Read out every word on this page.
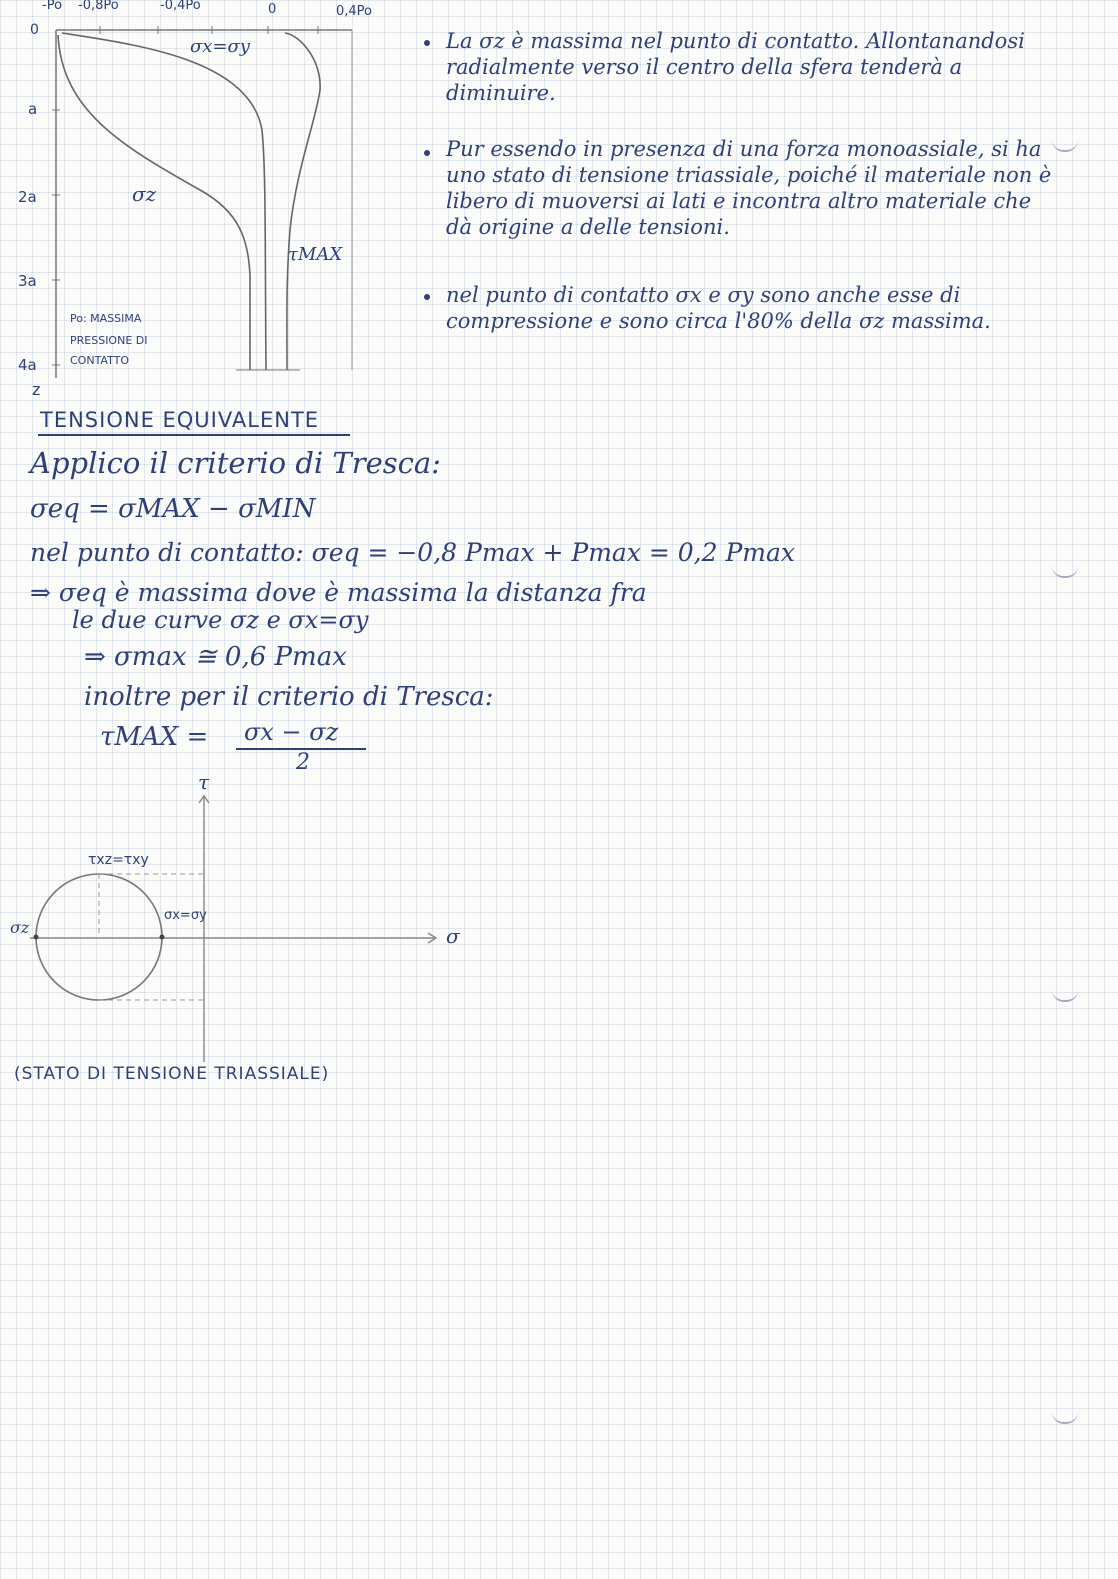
-Po -0,8Po	-0,4Po	0	0,4Po
0
a
2a
3a
4a
z
σx=σy
σz
τMAX
Po: MASSIMA
PRESSIONE DI
CONTATTO
La σz è massima nel punto di contatto. Allontanandosi radialmente verso il centro della sfera tenderà a diminuire.
Pur essendo in presenza di una forza monoassiale, si ha uno stato di tensione triassiale, poiché il materiale non è libero di muoversi ai lati e incontra altro materiale che dà origine a delle tensioni.
nel punto di contatto σx e σy sono anche esse di compressione e sono circa l'80% della σz massima.
TENSIONE EQUIVALENTE
Applico il criterio di Tresca:
σeq = σMAX − σMIN
nel punto di contatto: σeq = −0,8 Pmax + Pmax = 0,2 Pmax
⇒ σeq è massima dove è massima la distanza fra
le due curve σz e σx=σy
⇒ σmax ≅ 0,6 Pmax
inoltre per il criterio di Tresca:
τMAX = σx − σz
2
τ
σ
τxz=τxy
σz
σx=σy
(STATO DI TENSIONE TRIASSIALE)
